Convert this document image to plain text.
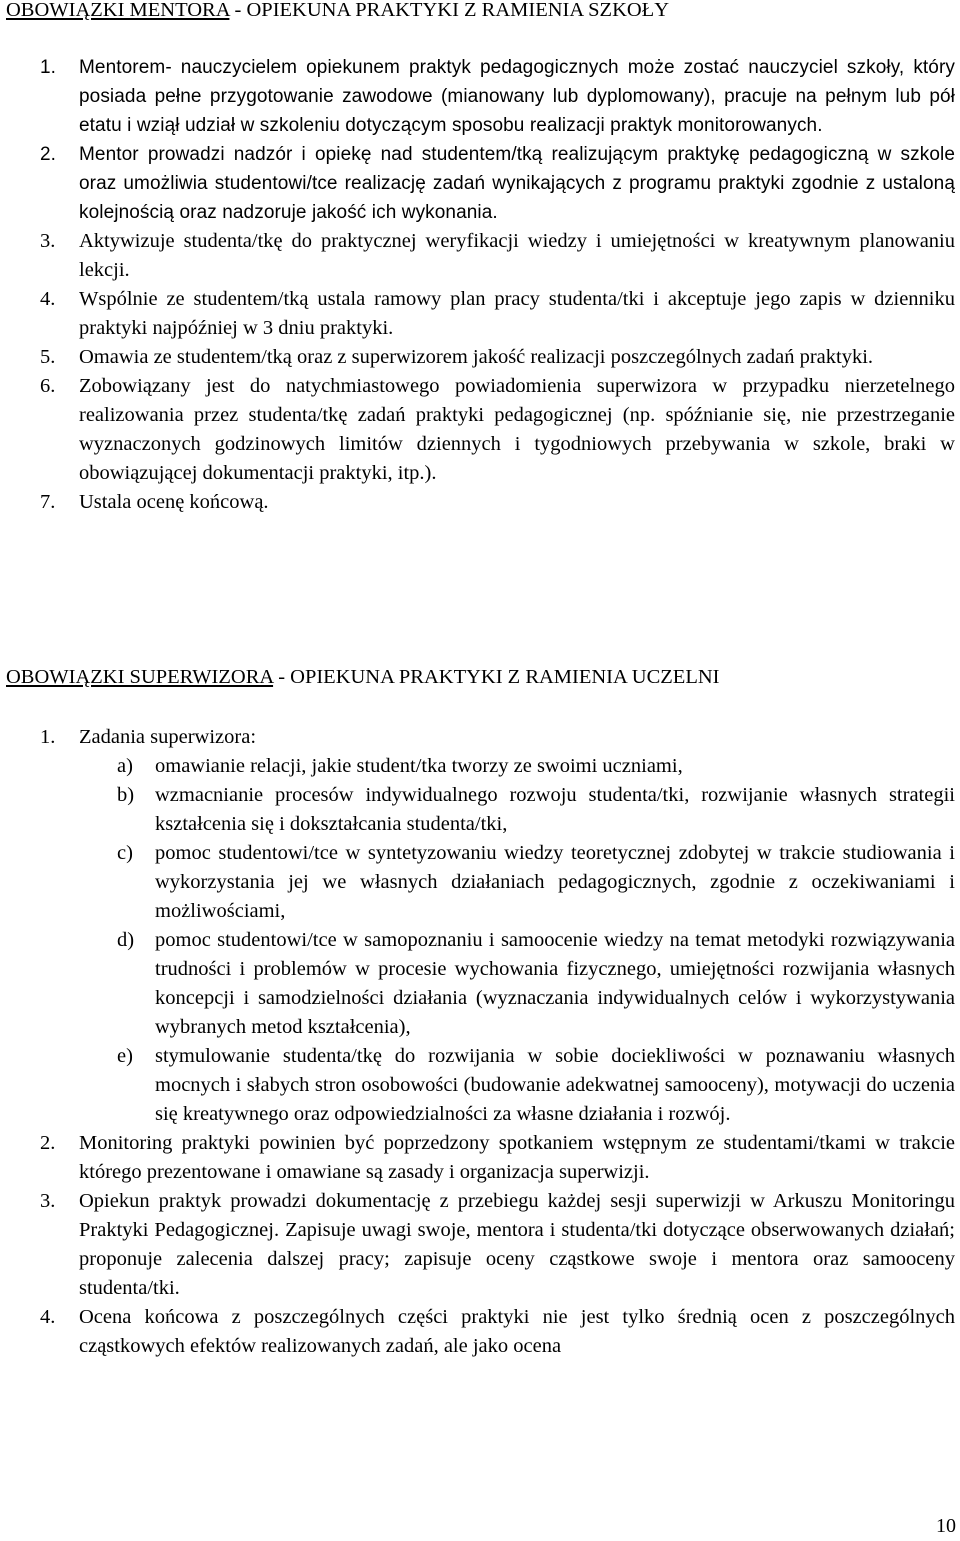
OBOWIĄZKI MENTORA - OPIEKUNA PRAKTYKI Z RAMIENIA SZKOŁY
1. Mentorem- nauczycielem opiekunem praktyk pedagogicznych może zostać nauczyciel szkoły, który posiada pełne przygotowanie zawodowe (mianowany lub dyplomowany), pracuje na pełnym lub pół etatu i wziął udział w szkoleniu dotyczącym sposobu realizacji praktyk monitorowanych.
2. Mentor prowadzi nadzór i opiekę nad studentem/tką realizującym praktykę pedagogiczną w szkole oraz umożliwia studentowi/tce realizację zadań wynikających z programu praktyki zgodnie z ustaloną kolejnością oraz nadzoruje jakość ich wykonania.
3. Aktywizuje studenta/tkę do praktycznej weryfikacji wiedzy i umiejętności w kreatywnym planowaniu lekcji.
4. Wspólnie ze studentem/tką ustala ramowy plan pracy studenta/tki i akceptuje jego zapis w dzienniku praktyki najpóźniej w 3 dniu praktyki.
5. Omawia ze studentem/tką oraz z superwizorem jakość realizacji poszczególnych zadań praktyki.
6. Zobowiązany jest do natychmiastowego powiadomienia superwizora w przypadku nierzetelnego realizowania przez studenta/tkę zadań praktyki pedagogicznej (np. spóźnianie się, nie przestrzeganie wyznaczonych godzinowych limitów dziennych i tygodniowych przebywania w szkole, braki w obowiązującej dokumentacji praktyki, itp.).
7. Ustala ocenę końcową.
OBOWIĄZKI SUPERWIZORA - OPIEKUNA PRAKTYKI Z RAMIENIA UCZELNI
1. Zadania superwizora:
a) omawianie relacji, jakie student/tka tworzy ze swoimi uczniami,
b) wzmacnianie procesów indywidualnego rozwoju studenta/tki, rozwijanie własnych strategii kształcenia się i dokształcania studenta/tki,
c) pomoc studentowi/tce w syntetyzowaniu wiedzy teoretycznej zdobytej w trakcie studiowania i wykorzystania jej we własnych działaniach pedagogicznych, zgodnie z oczekiwaniami i możliwościami,
d) pomoc studentowi/tce w samopoznaniu i samoocenie wiedzy na temat metodyki rozwiązywania trudności i problemów w procesie wychowania fizycznego, umiejętności rozwijania własnych koncepcji i samodzielności działania (wyznaczania indywidualnych celów i wykorzystywania wybranych metod kształcenia),
e) stymulowanie studenta/tkę do rozwijania w sobie dociekliwości w poznawaniu własnych mocnych i słabych stron osobowości (budowanie adekwatnej samooceny), motywacji do uczenia się kreatywnego oraz odpowiedzialności za własne działania i rozwój.
2. Monitoring praktyki powinien być poprzedzony spotkaniem wstępnym ze studentami/tkami w trakcie którego prezentowane i omawiane są zasady i organizacja superwizji.
3. Opiekun praktyk prowadzi dokumentację z przebiegu każdej sesji superwizji w Arkuszu Monitoringu Praktyki Pedagogicznej. Zapisuje uwagi swoje, mentora i studenta/tki dotyczące obserwowanych działań; proponuje zalecenia dalszej pracy; zapisuje oceny cząstkowe swoje i mentora oraz samooceny studenta/tki.
4. Ocena końcowa z poszczególnych części praktyki nie jest tylko średnią ocen z poszczególnych cząstkowych efektów realizowanych zadań, ale jako ocena
10
